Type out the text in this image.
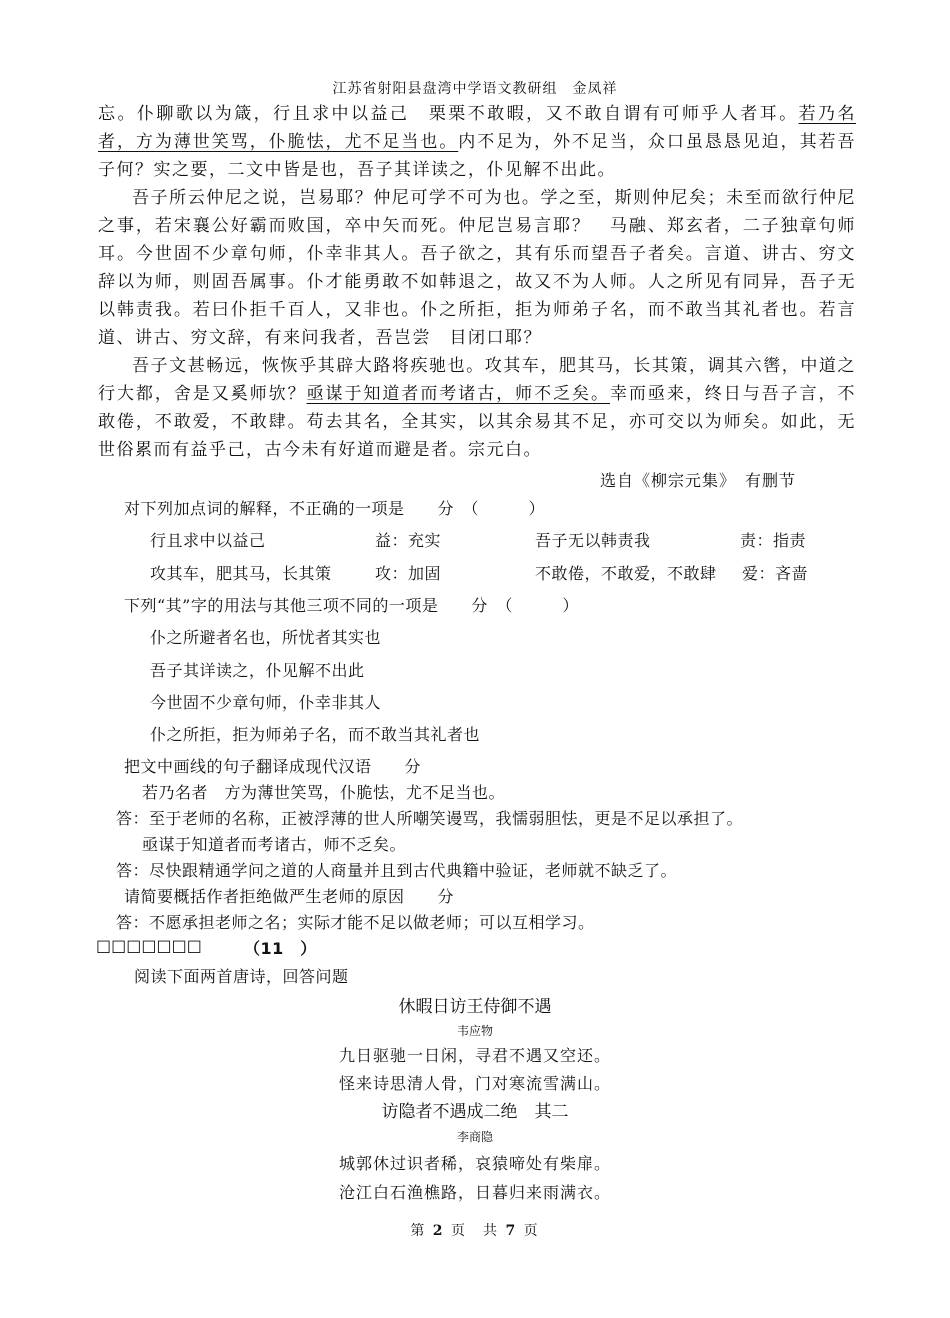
江苏省射阳县盘湾中学语文教研组　金凤祥
忘。仆聊歌以为箴，行且求中以益己　栗栗不敢暇，又不敢自谓有可师乎人者耳。若乃名者，方为薄世笑骂，仆脆怯，尤不足当也。内不足为，外不足当，众口虽恳恳见迫，其若吾子何？实之要，二文中皆是也，吾子其详读之，仆见解不出此。
吾子所云仲尼之说，岂易耶？仲尼可学不可为也。学之至，斯则仲尼矣；未至而欲行仲尼之事，若宋襄公好霸而败国，卒中矢而死。仲尼岂易言耶？　马融、郑玄者，二子独章句师耳。今世固不少章句师，仆幸非其人。吾子欲之，其有乐而望吾子者矣。言道、讲古、穷文辞以为师，则固吾属事。仆才能勇敢不如韩退之，故又不为人师。人之所见有同异，吾子无以韩责我。若曰仆拒千百人，又非也。仆之所拒，拒为师弟子名，而不敢当其礼者也。若言道、讲古、穷文辞，有来问我者，吾岂尝　目闭口耶？
吾子文甚畅远，恢恢乎其辟大路将疾驰也。攻其车，肥其马，长其策，调其六辔，中道之行大都，舍是又奚师欤？亟谋于知道者而考诸古，师不乏矣。幸而亟来，终日与吾子言，不敢倦，不敢爱，不敢肆。苟去其名，全其实，以其余易其不足，亦可交以为师矣。如此，无世俗累而有益乎己，古今未有好道而避是者。宗元白。
选自《柳宗元集》　有删节
对下列加点词的解释，不正确的一项是　　分　（　　　）
行且求中以益己	益：充实	吾子无以韩责我	责：指责
攻其车，肥其马，长其策	攻：加固	不敢倦，不敢爱，不敢肆 爱：吝啬
下列“其”字的用法与其他三项不同的一项是　　分　（　　　）
仆之所避者名也，所忧者其实也
吾子其详读之，仆见解不出此
今世固不少章句师，仆幸非其人
仆之所拒，拒为师弟子名，而不敢当其礼者也
把文中画线的句子翻译成现代汉语　　分
若乃名者　方为薄世笑骂，仆脆怯，尤不足当也。
答：至于老师的名称，正被浮薄的世人所嘲笑谩骂，我懦弱胆怯，更是不足以承担了。
亟谋于知道者而考诸古，师不乏矣。
答：尽快跟精通学问之道的人商量并且到古代典籍中验证，老师就不缺乏了。
请简要概括作者拒绝做严生老师的原因　　分
答：不愿承担老师之名；实际才能不足以做老师；可以互相学习。
□□□□□□□	（11　）
阅读下面两首唐诗，回答问题
休暇日访王侍御不遇
韦应物
九日驱驰一日闲，寻君不遇又空还。
怪来诗思清人骨，门对寒流雪满山。
访隐者不遇成二绝　其二
李商隐
城郭休过识者稀，哀猿啼处有柴扉。
沧江白石渔樵路，日暮归来雨满衣。
第 2 页　共 7 页
